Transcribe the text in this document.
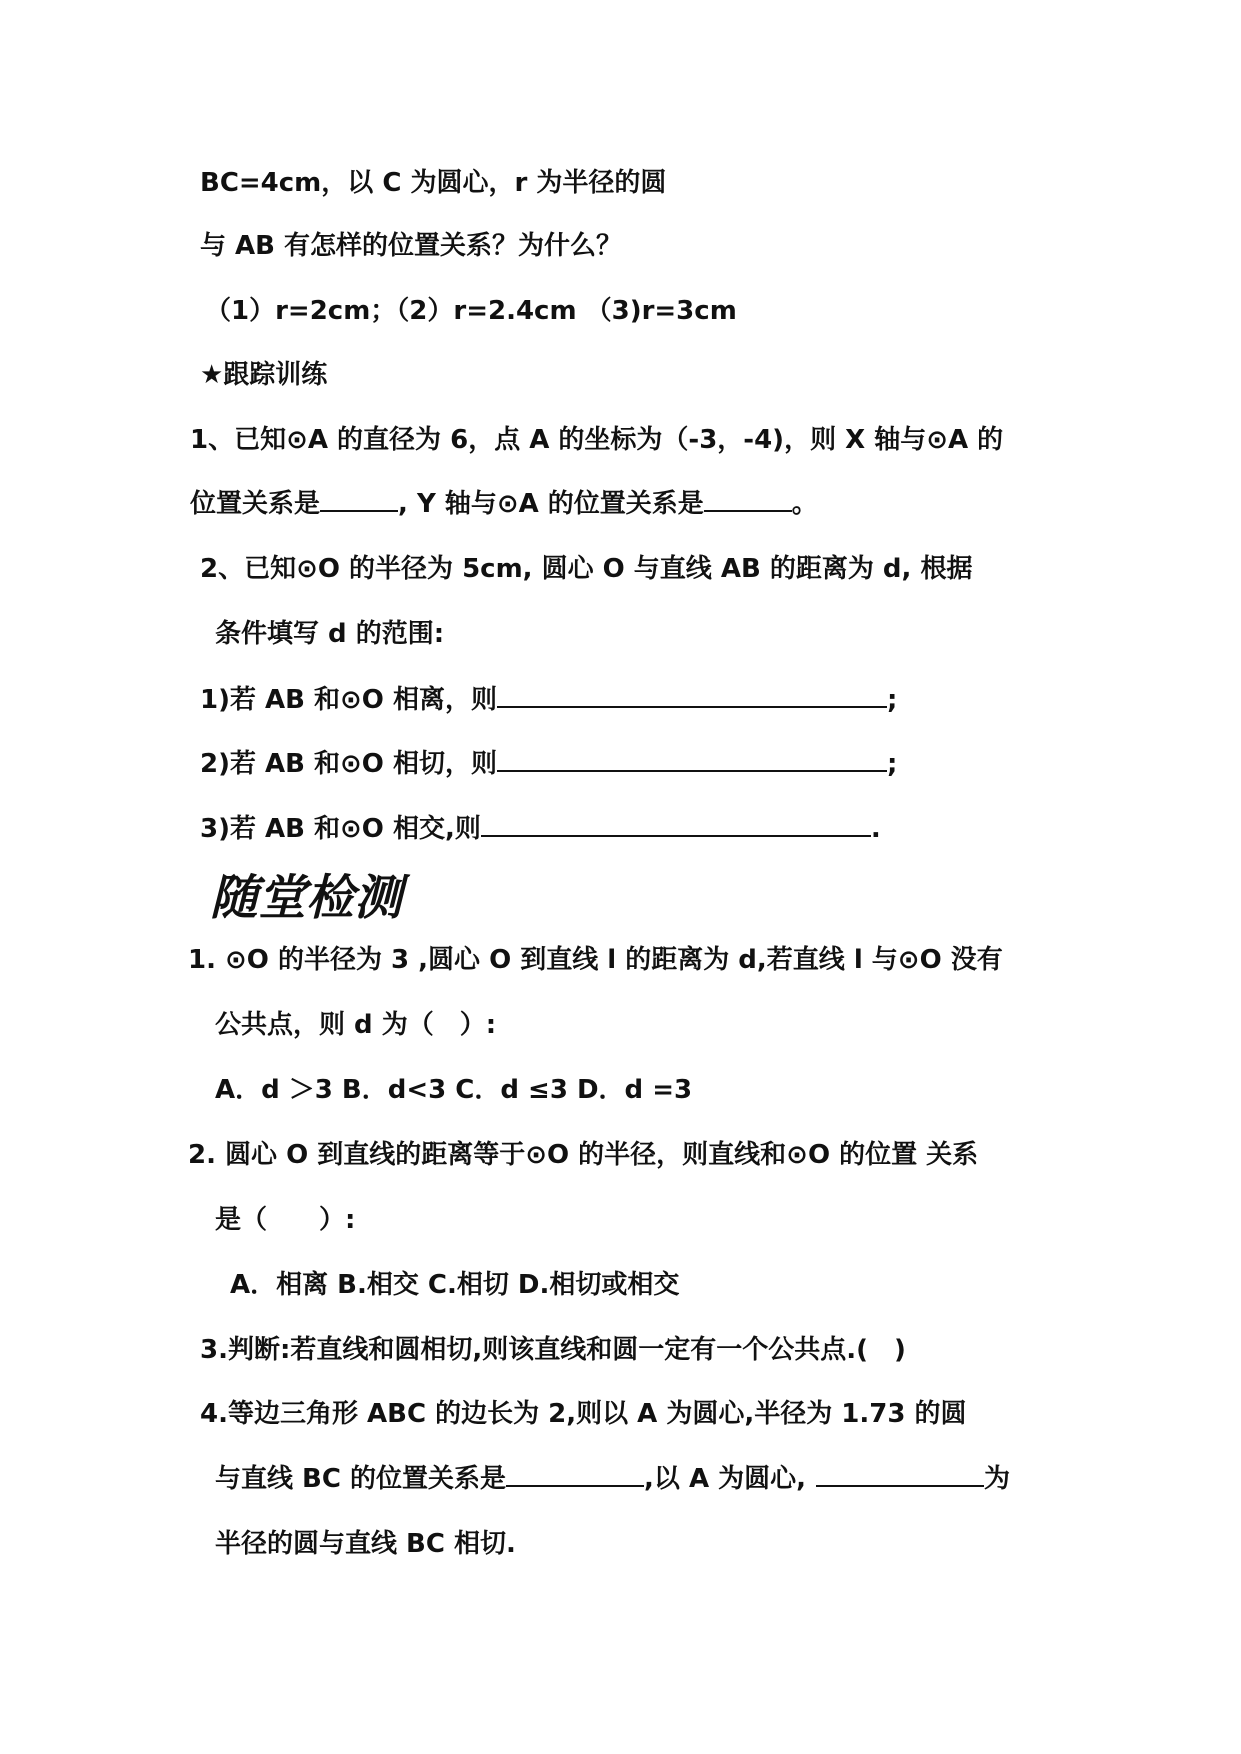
BC=4cm，以 C 为圆心，r 为半径的圆
与 AB 有怎样的位置关系？为什么？
（1）r=2cm；（2）r=2.4cm （3)r=3cm
★跟踪训练
1、已知⊙A 的直径为 6，点 A 的坐标为（-3，-4)，则 X 轴与⊙A 的
位置关系是	, Y 轴与⊙A 的位置关系是	。
2、已知⊙O 的半径为 5cm, 圆心 O 与直线 AB 的距离为 d, 根据
条件填写 d 的范围:
1)若 AB 和⊙O 相离，则	;
2)若 AB 和⊙O 相切，则	;
3)若 AB 和⊙O 相交,则	.
随堂检测
1. ⊙O 的半径为 3 ,圆心 O 到直线 l 的距离为 d,若直线 l 与⊙O 没有
公共点，则 d 为（　）:
A．d ＞3 B．d<3 C．d ≤3 D．d =3
2. 圆心 O 到直线的距离等于⊙O 的半径，则直线和⊙O 的位置 关系
是（　　）:
A．相离 B.相交 C.相切 D.相切或相交
3.判断:若直线和圆相切,则该直线和圆一定有一个公共点.(　)
4.等边三角形 ABC 的边长为 2,则以 A 为圆心,半径为 1.73 的圆
与直线 BC 的位置关系是	,以 A 为圆心,	为
半径的圆与直线 BC 相切.
